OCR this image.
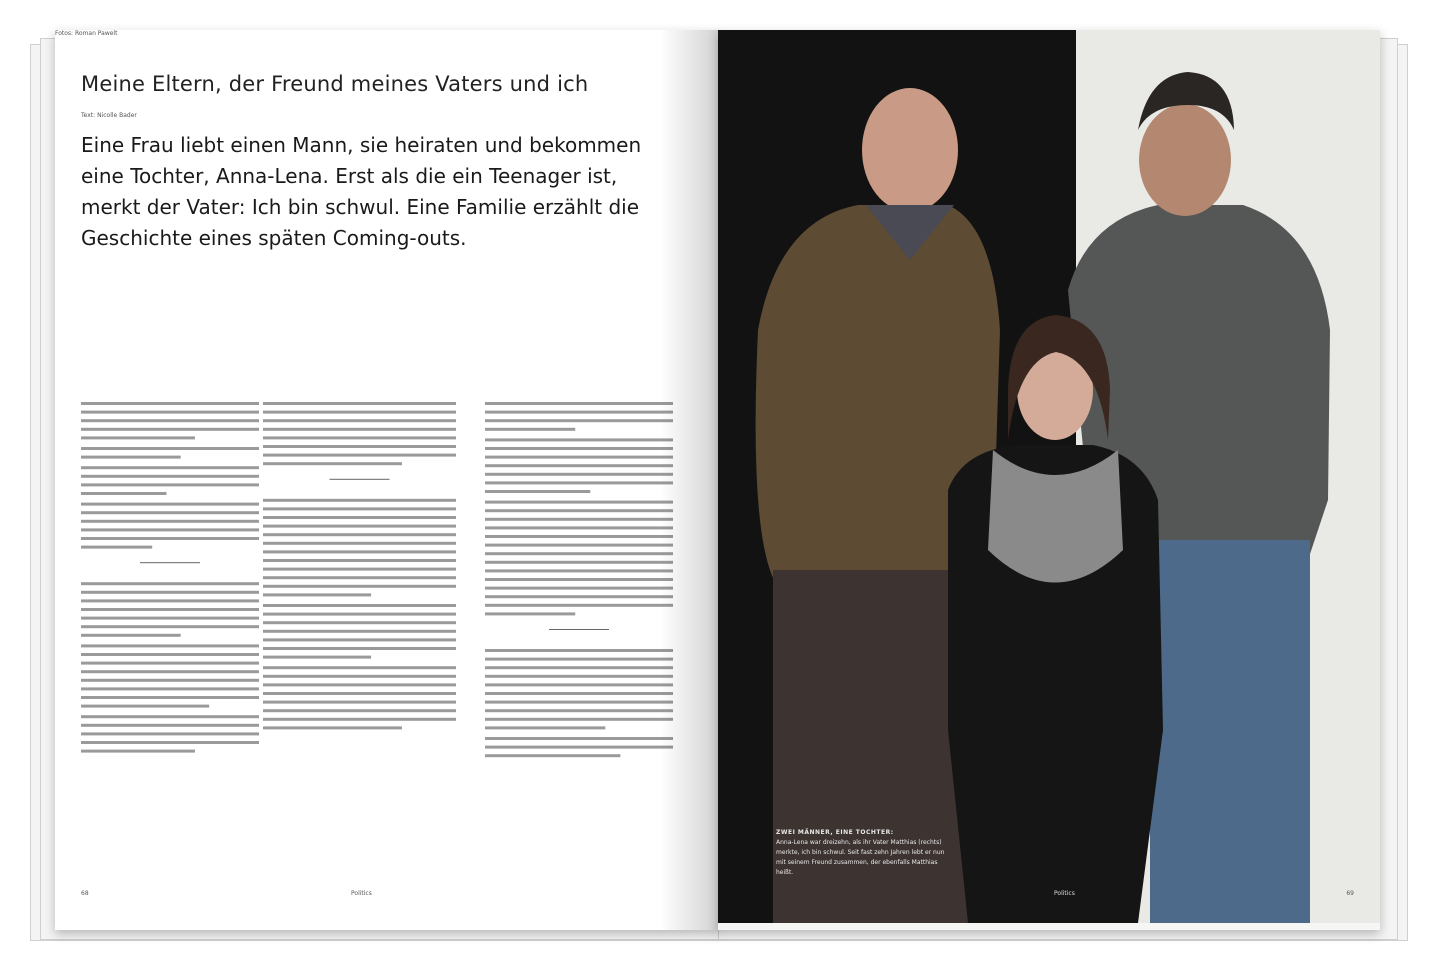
Meine Eltern, der Freund meines Vaters und ich
Text: Nicolle Bader
Fotos: Roman Pawelt
Eine Frau liebt einen Mann, sie heiraten und bekommen eine Tochter, Anna-Lena. Erst als die ein Teenager ist, merkt der Vater: Ich bin schwul. Eine Familie erzählt die Geschichte eines späten Coming-outs.
68	Politics
ZWEI MÄNNER, EINE TOCHTER:
Anna-Lena war dreizehn, als ihr Vater Matthias (rechts) merkte, ich bin schwul. Seit fast zehn Jahren lebt er nun mit seinem Freund zusammen, der ebenfalls Matthias heißt.
Politics	69
